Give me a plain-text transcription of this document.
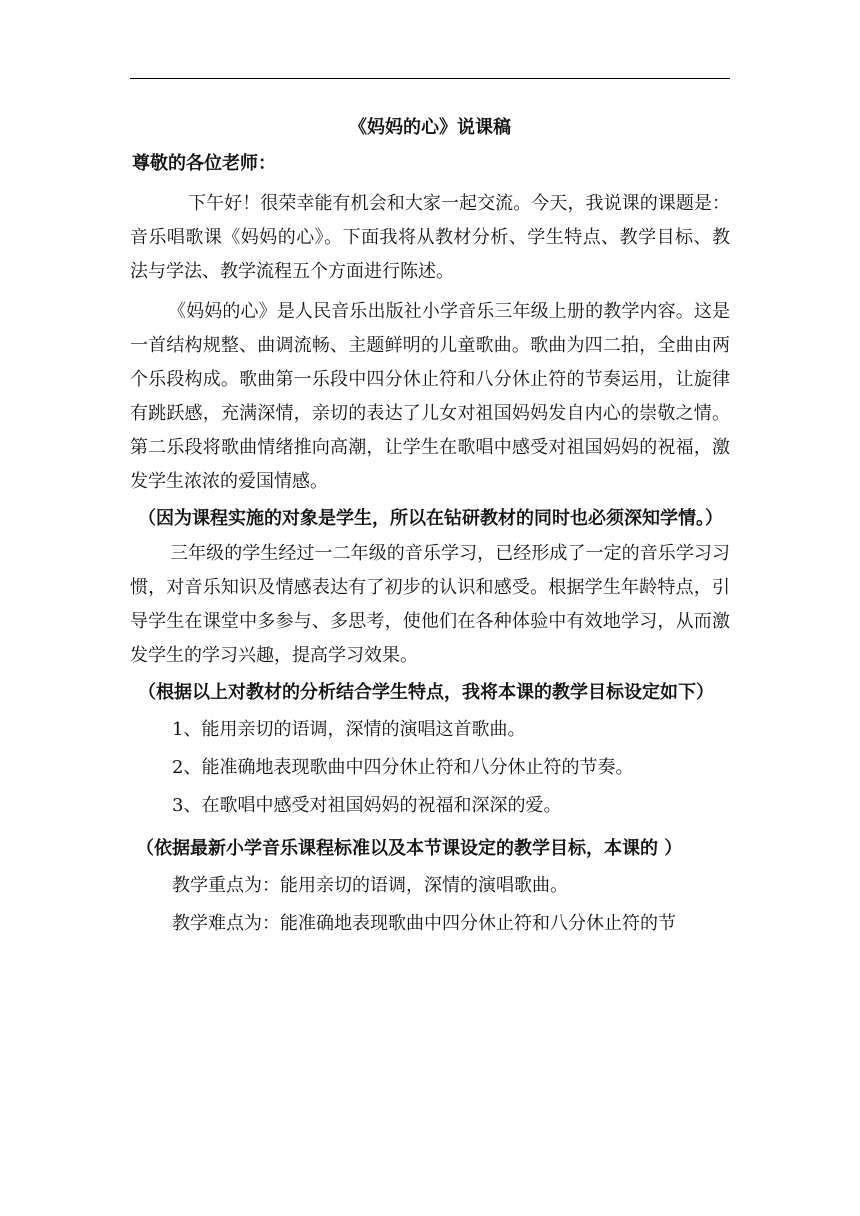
《妈妈的心》说课稿
尊敬的各位老师：

下午好！很荣幸能有机会和大家一起交流。今天，我说课的课题是：音乐唱歌课《妈妈的心》。下面我将从教材分析、学生特点、教学目标、教法与学法、教学流程五个方面进行陈述。

《妈妈的心》是人民音乐出版社小学音乐三年级上册的教学内容。这是一首结构规整、曲调流畅、主题鲜明的儿童歌曲。歌曲为四二拍，全曲由两个乐段构成。歌曲第一乐段中四分休止符和八分休止符的节奏运用，让旋律有跳跃感，充满深情，亲切的表达了儿女对祖国妈妈发自内心的崇敬之情。第二乐段将歌曲情绪推向高潮，让学生在歌唱中感受对祖国妈妈的祝福，激发学生浓浓的爱国情感。

（因为课程实施的对象是学生，所以在钻研教材的同时也必须深知学情。）

三年级的学生经过一二年级的音乐学习，已经形成了一定的音乐学习习惯，对音乐知识及情感表达有了初步的认识和感受。根据学生年龄特点，引导学生在课堂中多参与、多思考，使他们在各种体验中有效地学习，从而激发学生的学习兴趣，提高学习效果。

（根据以上对教材的分析结合学生特点，我将本课的教学目标设定如下）

1、能用亲切的语调，深情的演唱这首歌曲。

2、能准确地表现歌曲中四分休止符和八分休止符的节奏。

3、在歌唱中感受对祖国妈妈的祝福和深深的爱。

（依据最新小学音乐课程标准以及本节课设定的教学目标，本课的 ）

教学重点为：能用亲切的语调，深情的演唱歌曲。

教学难点为：能准确地表现歌曲中四分休止符和八分休止符的节
